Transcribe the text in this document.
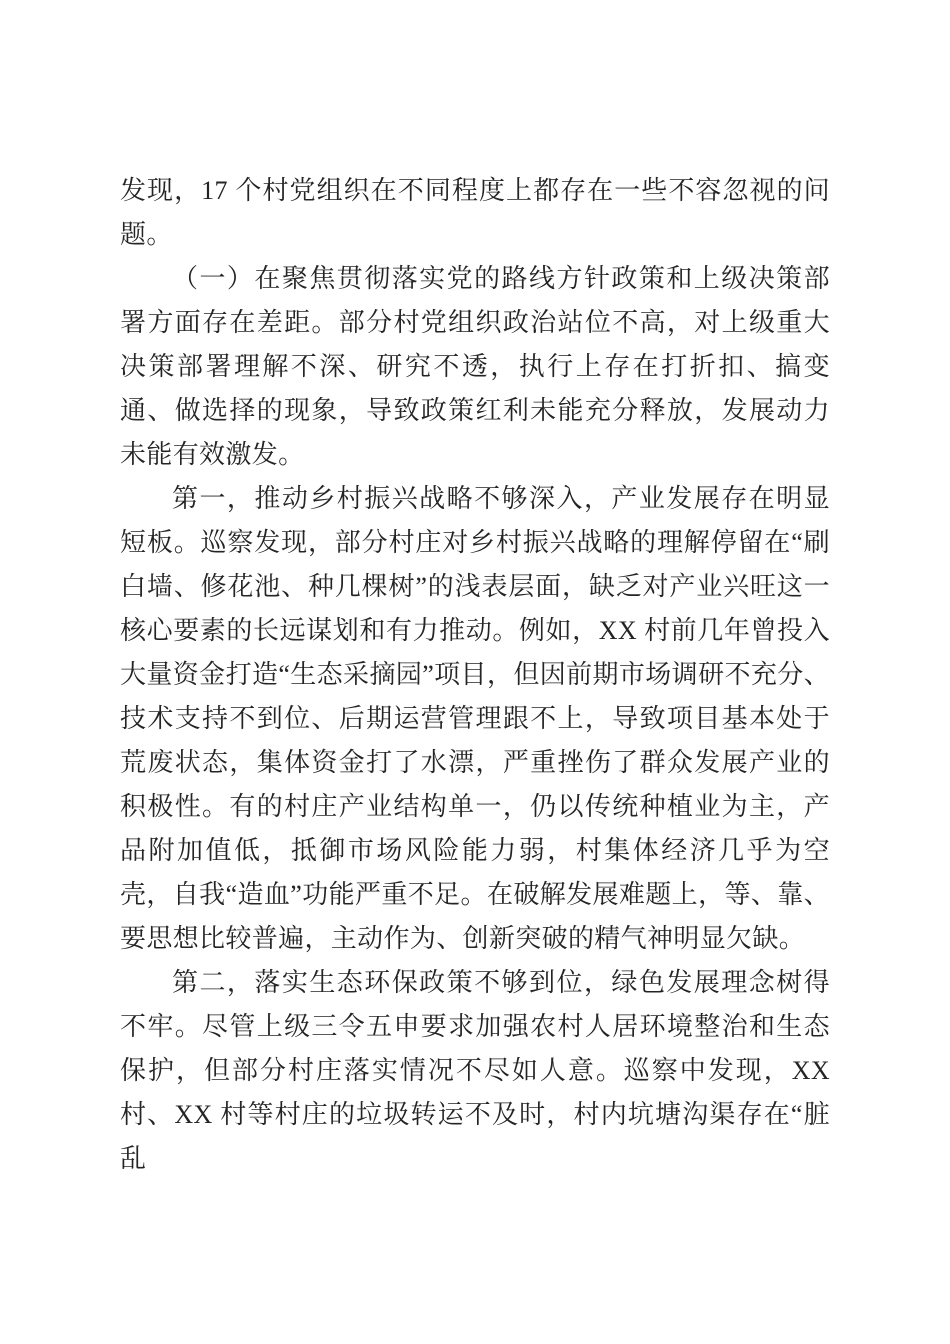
发现，17 个村党组织在不同程度上都存在一些不容忽视的问题。

（一）在聚焦贯彻落实党的路线方针政策和上级决策部署方面存在差距。部分村党组织政治站位不高，对上级重大决策部署理解不深、研究不透，执行上存在打折扣、搞变通、做选择的现象，导致政策红利未能充分释放，发展动力未能有效激发。

第一，推动乡村振兴战略不够深入，产业发展存在明显短板。巡察发现，部分村庄对乡村振兴战略的理解停留在“刷白墙、修花池、种几棵树”的浅表层面，缺乏对产业兴旺这一核心要素的长远谋划和有力推动。例如，XX 村前几年曾投入大量资金打造“生态采摘园”项目，但因前期市场调研不充分、技术支持不到位、后期运营管理跟不上，导致项目基本处于荒废状态，集体资金打了水漂，严重挫伤了群众发展产业的积极性。有的村庄产业结构单一，仍以传统种植业为主，产品附加值低，抵御市场风险能力弱，村集体经济几乎为空壳，自我“造血”功能严重不足。在破解发展难题上，等、靠、要思想比较普遍，主动作为、创新突破的精气神明显欠缺。

第二，落实生态环保政策不够到位，绿色发展理念树得不牢。尽管上级三令五申要求加强农村人居环境整治和生态保护，但部分村庄落实情况不尽如人意。巡察中发现，XX 村、XX 村等村庄的垃圾转运不及时，村内坑塘沟渠存在“脏乱
